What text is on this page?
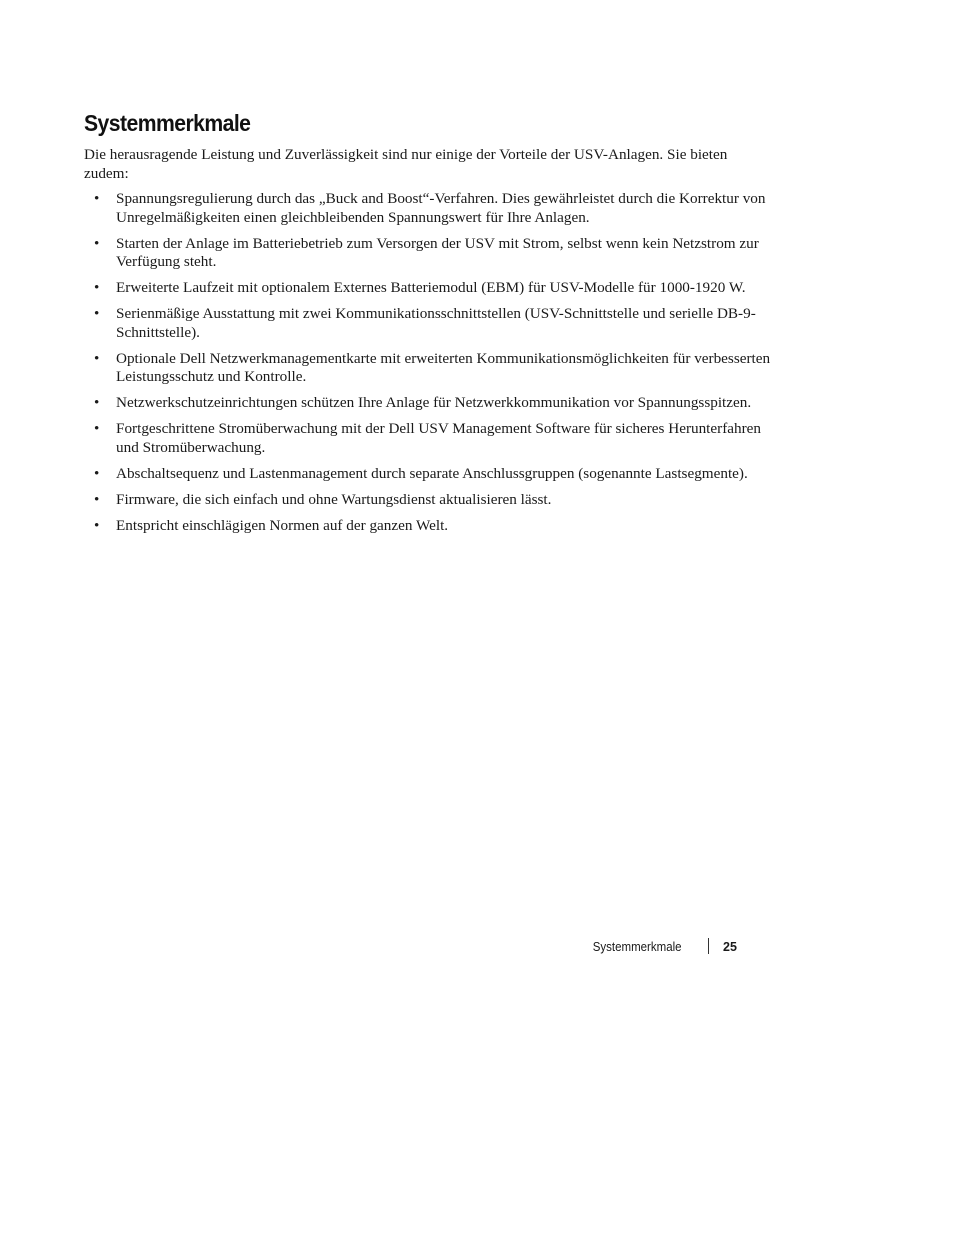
Systemmerkmale

Die herausragende Leistung und Zuverlässigkeit sind nur einige der Vorteile der USV-Anlagen. Sie bieten zudem:

• Spannungsregulierung durch das „Buck and Boost“-Verfahren. Dies gewährleistet durch die Korrektur von Unregelmäßigkeiten einen gleichbleibenden Spannungswert für Ihre Anlagen.
• Starten der Anlage im Batteriebetrieb zum Versorgen der USV mit Strom, selbst wenn kein Netzstrom zur Verfügung steht.
• Erweiterte Laufzeit mit optionalem Externes Batteriemodul (EBM) für USV-Modelle für 1000-1920 W.
• Serienmäßige Ausstattung mit zwei Kommunikationsschnittstellen (USV-Schnittstelle und serielle DB-9-Schnittstelle).
• Optionale Dell Netzwerkmanagementkarte mit erweiterten Kommunikationsmöglichkeiten für verbesserten Leistungsschutz und Kontrolle.
• Netzwerkschutzeinrichtungen schützen Ihre Anlage für Netzwerkkommunikation vor Spannungsspitzen.
• Fortgeschrittene Stromüberwachung mit der Dell USV Management Software für sicheres Herunterfahren und Stromüberwachung.
• Abschaltsequenz und Lastenmanagement durch separate Anschlussgruppen (sogenannte Lastsegmente).
• Firmware, die sich einfach und ohne Wartungsdienst aktualisieren lässt.
• Entspricht einschlägigen Normen auf der ganzen Welt.
Systemmerkmale	25
